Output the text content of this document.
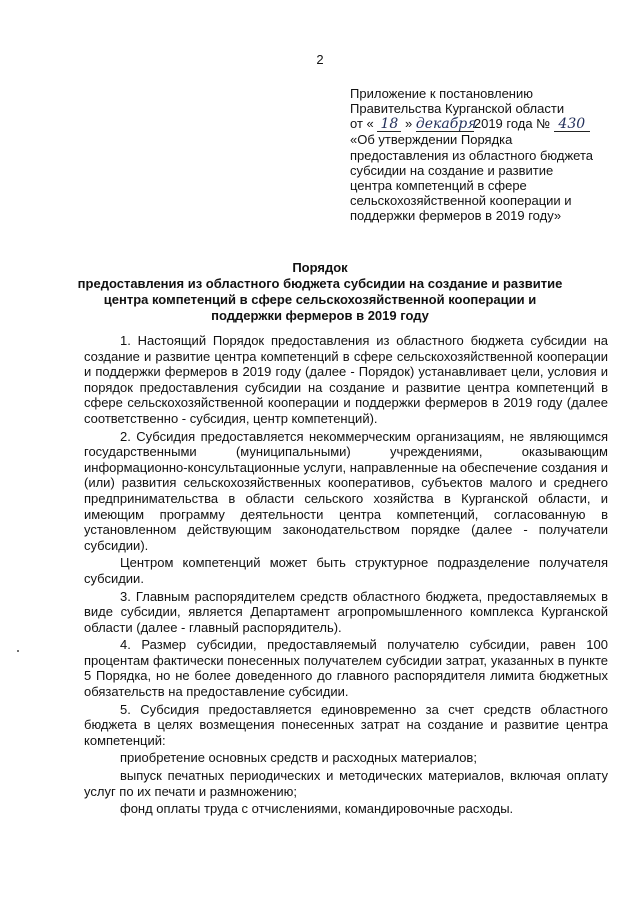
2
Приложение к постановлению
Правительства Курганской области
от « 18 » декабря2019 года № 430
«Об утверждении Порядка
предоставления из областного бюджета
субсидии на создание и развитие
центра компетенций в сфере
сельскохозяйственной кооперации и
поддержки фермеров в 2019 году»
Порядок
предоставления из областного бюджета субсидии на создание и развитие
центра компетенций в сфере сельскохозяйственной кооперации и
поддержки фермеров в 2019 году

1. Настоящий Порядок предоставления из областного бюджета субсидии на создание и развитие центра компетенций в сфере сельскохозяйственной кооперации и поддержки фермеров в 2019 году (далее - Порядок) устанавливает цели, условия и порядок предоставления субсидии на создание и развитие центра компетенций в сфере сельскохозяйственной кооперации и поддержки фермеров в 2019 году (далее соответственно - субсидия, центр компетенций).

2. Субсидия предоставляется некоммерческим организациям, не являющимся государственными (муниципальными) учреждениями, оказывающим информационно-консультационные услуги, направленные на обеспечение создания и (или) развития сельскохозяйственных кооперативов, субъектов малого и среднего предпринимательства в области сельского хозяйства в Курганской области, и имеющим программу деятельности центра компетенций, согласованную в установленном действующим законодательством порядке (далее - получатели субсидии).

Центром компетенций может быть структурное подразделение получателя субсидии.

3. Главным распорядителем средств областного бюджета, предоставляемых в виде субсидии, является Департамент агропромышленного комплекса Курганской области (далее - главный распорядитель).

4. Размер субсидии, предоставляемый получателю субсидии, равен 100 процентам фактически понесенных получателем субсидии затрат, указанных в пункте 5 Порядка, но не более доведенного до главного распорядителя лимита бюджетных обязательств на предоставление субсидии.

5. Субсидия предоставляется единовременно за счет средств областного бюджета в целях возмещения понесенных затрат на создание и развитие центра компетенций:

приобретение основных средств и расходных материалов;

выпуск печатных периодических и методических материалов, включая оплату услуг по их печати и размножению;

фонд оплаты труда с отчислениями, командировочные расходы.
